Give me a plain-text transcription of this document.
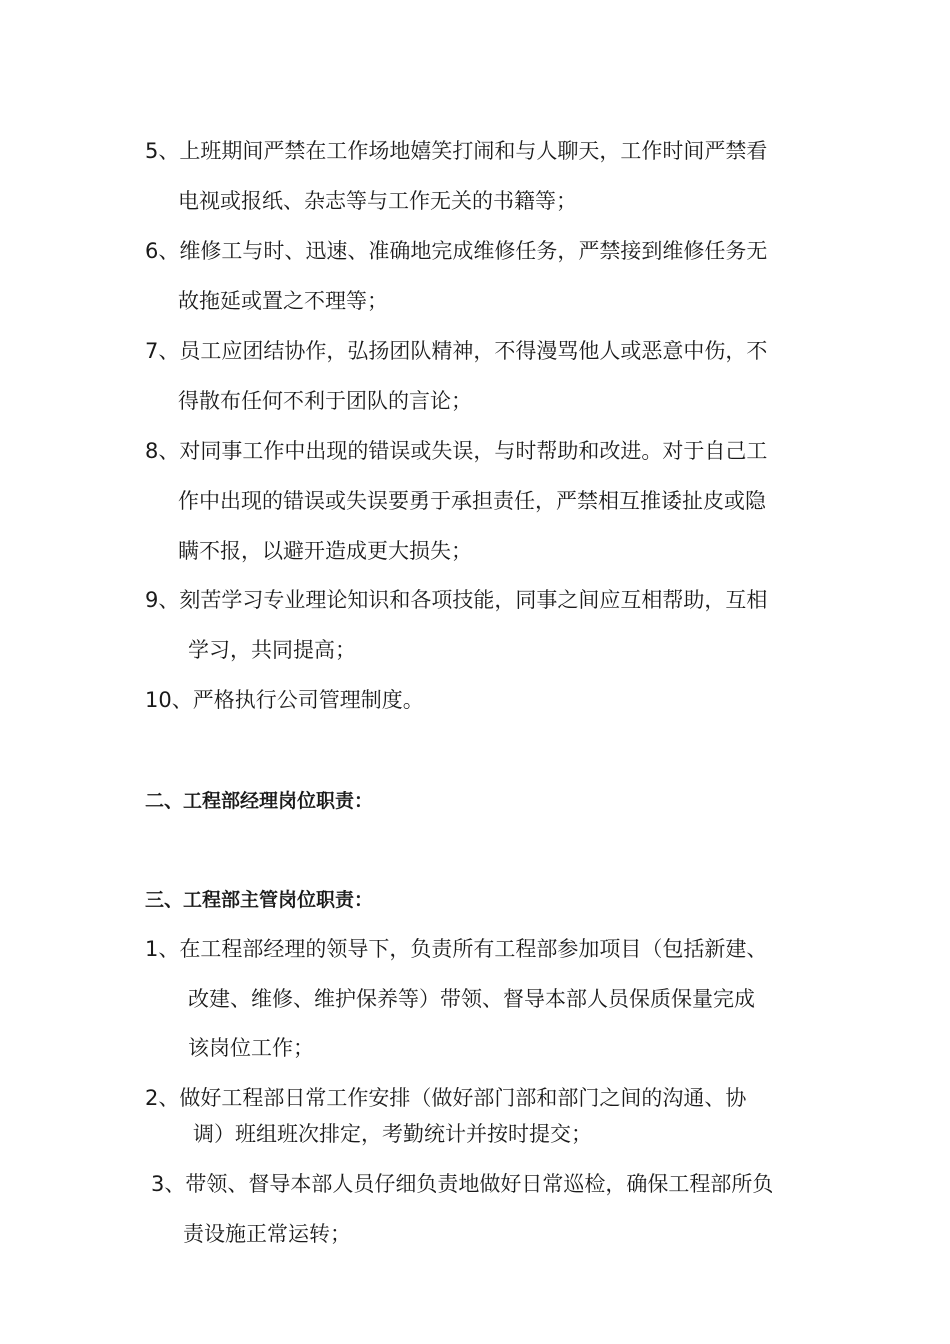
5、上班期间严禁在工作场地嬉笑打闹和与人聊天，工作时间严禁看
电视或报纸、杂志等与工作无关的书籍等；
6、维修工与时、迅速、准确地完成维修任务，严禁接到维修任务无
故拖延或置之不理等；
7、员工应团结协作，弘扬团队精神，不得漫骂他人或恶意中伤，不
得散布任何不利于团队的言论；
8、对同事工作中出现的错误或失误，与时帮助和改进。对于自己工
作中出现的错误或失误要勇于承担责任，严禁相互推诿扯皮或隐
瞒不报，以避开造成更大损失；
9、刻苦学习专业理论知识和各项技能，同事之间应互相帮助，互相
学习，共同提高；
10、严格执行公司管理制度。
二、工程部经理岗位职责：
三、工程部主管岗位职责：
1、在工程部经理的领导下，负责所有工程部参加项目（包括新建、
改建、维修、维护保养等）带领、督导本部人员保质保量完成
该岗位工作；
2、做好工程部日常工作安排（做好部门部和部门之间的沟通、协
调）班组班次排定，考勤统计并按时提交；
3、带领、督导本部人员仔细负责地做好日常巡检，确保工程部所负
责设施正常运转；
